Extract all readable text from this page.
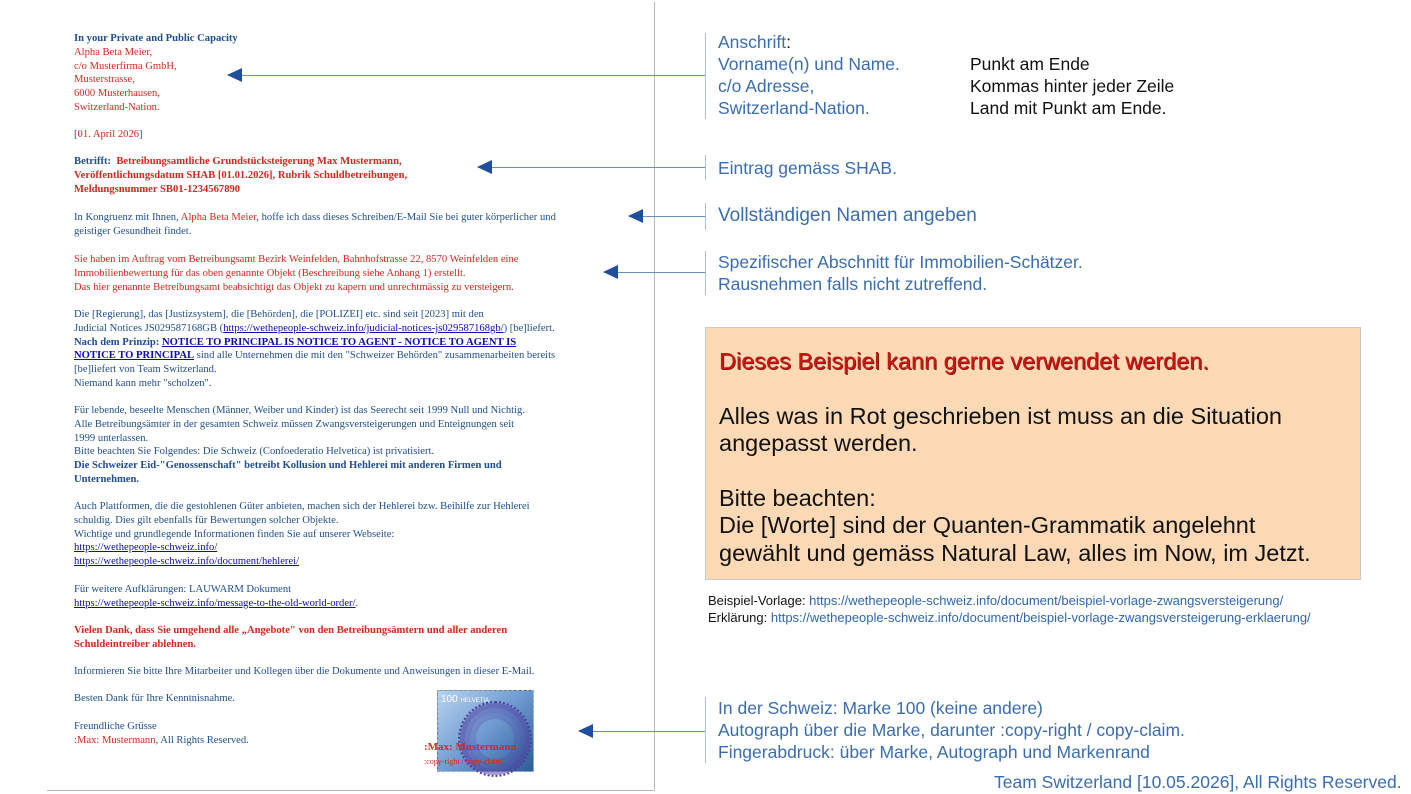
In your Private and Public Capacity
Alpha Beta Meier,
c/o Musterfirma GmbH,
Musterstrasse,
6000 Musterhausen,
Switzerland-Nation.
[01. April 2026]
Betrifft: Betreibungsamtliche Grundstücksteigerung Max Mustermann,
Veröffentlichungsdatum SHAB [01.01.2026], Rubrik Schuldbetreibungen,
Meldungsnummer SB01-1234567890
In Kongruenz mit Ihnen, Alpha Beta Meier, hoffe ich dass dieses Schreiben/E-Mail Sie bei guter körperlicher und
geistiger Gesundheit findet.
Sie haben im Auftrag vom Betreibungsamt Bezirk Weinfelden, Bahnhofstrasse 22, 8570 Weinfelden eine
Immobilienbewertung für das oben genannte Objekt (Beschreibung siehe Anhang 1) erstellt.
Das hier genannte Betreibungsamt beabsichtigt das Objekt zu kapern und unrechtmässig zu versteigern.
Die [Regierung], das [Justizsystem], die [Behörden], die [POLIZEI] etc. sind seit [2023] mit den
Judicial Notices JS029587168GB (https://wethepeople-schweiz.info/judicial-notices-js029587168gb/) [be]liefert.
Nach dem Prinzip: NOTICE TO PRINCIPAL IS NOTICE TO AGENT - NOTICE TO AGENT IS
NOTICE TO PRINCIPAL sind alle Unternehmen die mit den "Schweizer Behörden" zusammenarbeiten bereits
[be]liefert von Team Switzerland.
Niemand kann mehr "scholzen".
Für lebende, beseelte Menschen (Männer, Weiber und Kinder) ist das Seerecht seit 1999 Null und Nichtig.
Alle Betreibungsämter in der gesamten Schweiz müssen Zwangsversteigerungen und Enteignungen seit
1999 unterlassen.
Bitte beachten Sie Folgendes: Die Schweiz (Confoederatio Helvetica) ist privatisiert.
Die Schweizer Eid-"Genossenschaft" betreibt Kollusion und Hehlerei mit anderen Firmen und
Unternehmen.
Auch Plattformen, die die gestohlenen Güter anbieten, machen sich der Hehlerei bzw. Beihilfe zur Hehlerei
schuldig. Dies gilt ebenfalls für Bewertungen solcher Objekte.
Wichtige und grundlegende Informationen finden Sie auf unserer Webseite:
https://wethepeople-schweiz.info/
https://wethepeople-schweiz.info/document/hehlerei/
Für weitere Aufklärungen: LAUWARM Dokument
https://wethepeople-schweiz.info/message-to-the-old-world-order/.
Vielen Dank, dass Sie umgehend alle „Angebote" von den Betreibungsämtern und aller anderen
Schuldeintreiber ablehnen.
Informieren Sie bitte Ihre Mitarbeiter und Kollegen über die Dokumente und Anweisungen in dieser E-Mail.
Besten Dank für Ihre Kenntnisnahme.
Freundliche Grüsse
:Max: Mustermann, All Rights Reserved.
100 HELVETIA
:Max: Mustermann
:copy-right / copy-claim
Anschrift:
Vorname(n) und Name.
c/o Adresse,
Switzerland-Nation.
Punkt am Ende
Kommas hinter jeder Zeile
Land mit Punkt am Ende.
Eintrag gemäss SHAB.
Vollständigen Namen angeben
Spezifischer Abschnitt für Immobilien-Schätzer.
Rausnehmen falls nicht zutreffend.
Dieses Beispiel kann gerne verwendet werden.
Alles was in Rot geschrieben ist muss an die Situation
angepasst werden.
Bitte beachten:
Die [Worte] sind der Quanten-Grammatik angelehnt
gewählt und gemäss Natural Law, alles im Now, im Jetzt.
Beispiel-Vorlage: https://wethepeople-schweiz.info/document/beispiel-vorlage-zwangsversteigerung/
Erklärung: https://wethepeople-schweiz.info/document/beispiel-vorlage-zwangsversteigerung-erklaerung/
In der Schweiz: Marke 100 (keine andere)
Autograph über die Marke, darunter :copy-right / copy-claim.
Fingerabdruck: über Marke, Autograph und Markenrand
Team Switzerland [10.05.2026], All Rights Reserved.
